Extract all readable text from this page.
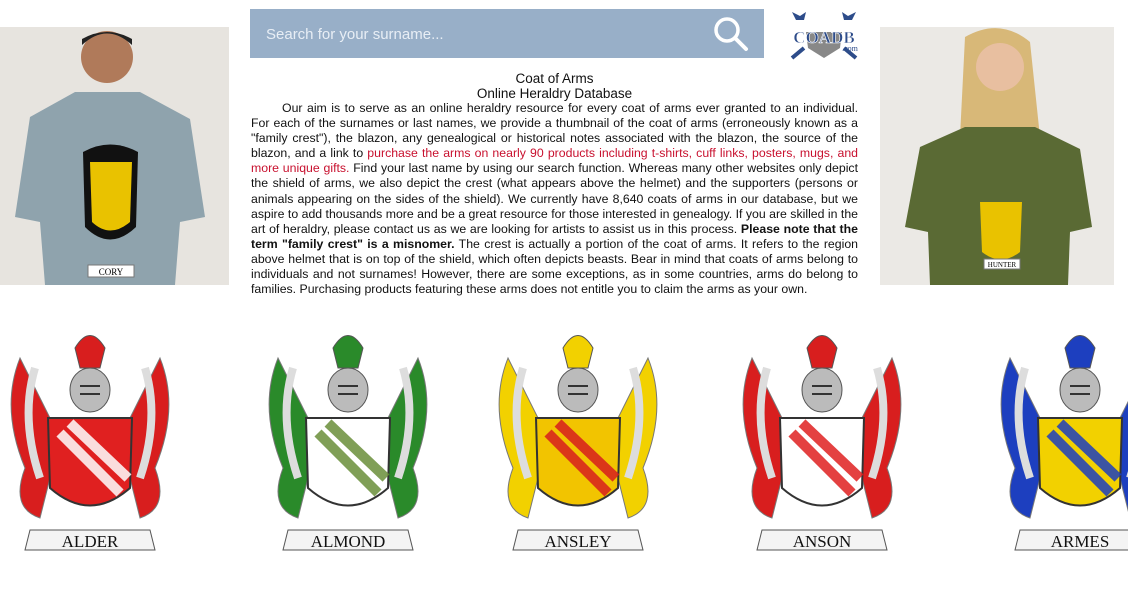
CORY
Search for your surname...
COADB
.com
HUNTER
Coat of Arms
Online Heraldry Database

Our aim is to serve as an online heraldry resource for every coat of arms ever granted to an individual. For each of the surnames or last names, we provide a thumbnail of the coat of arms (erroneously known as a "family crest"), the blazon, any genealogical or historical notes associated with the blazon, the source of the blazon, and a link to purchase the arms on nearly 90 products including t-shirts, cuff links, posters, mugs, and more unique gifts. Find your last name by using our search function. Whereas many other websites only depict the shield of arms, we also depict the crest (what appears above the helmet) and the supporters (persons or animals appearing on the sides of the shield). We currently have 8,640 coats of arms in our database, but we aspire to add thousands more and be a great resource for those interested in genealogy. If you are skilled in the art of heraldry, please contact us as we are looking for artists to assist us in this process. Please note that the term "family crest" is a misnomer. The crest is actually a portion of the coat of arms. It refers to the region above helmet that is on top of the shield, which often depicts beasts. Bear in mind that coats of arms belong to individuals and not surnames! However, there are some exceptions, as in some countries, arms do belong to families. Purchasing products featuring these arms does not entitle you to claim the arms as your own.

ALDER	ALMOND	ANSLEY	ANSON	ARMES
